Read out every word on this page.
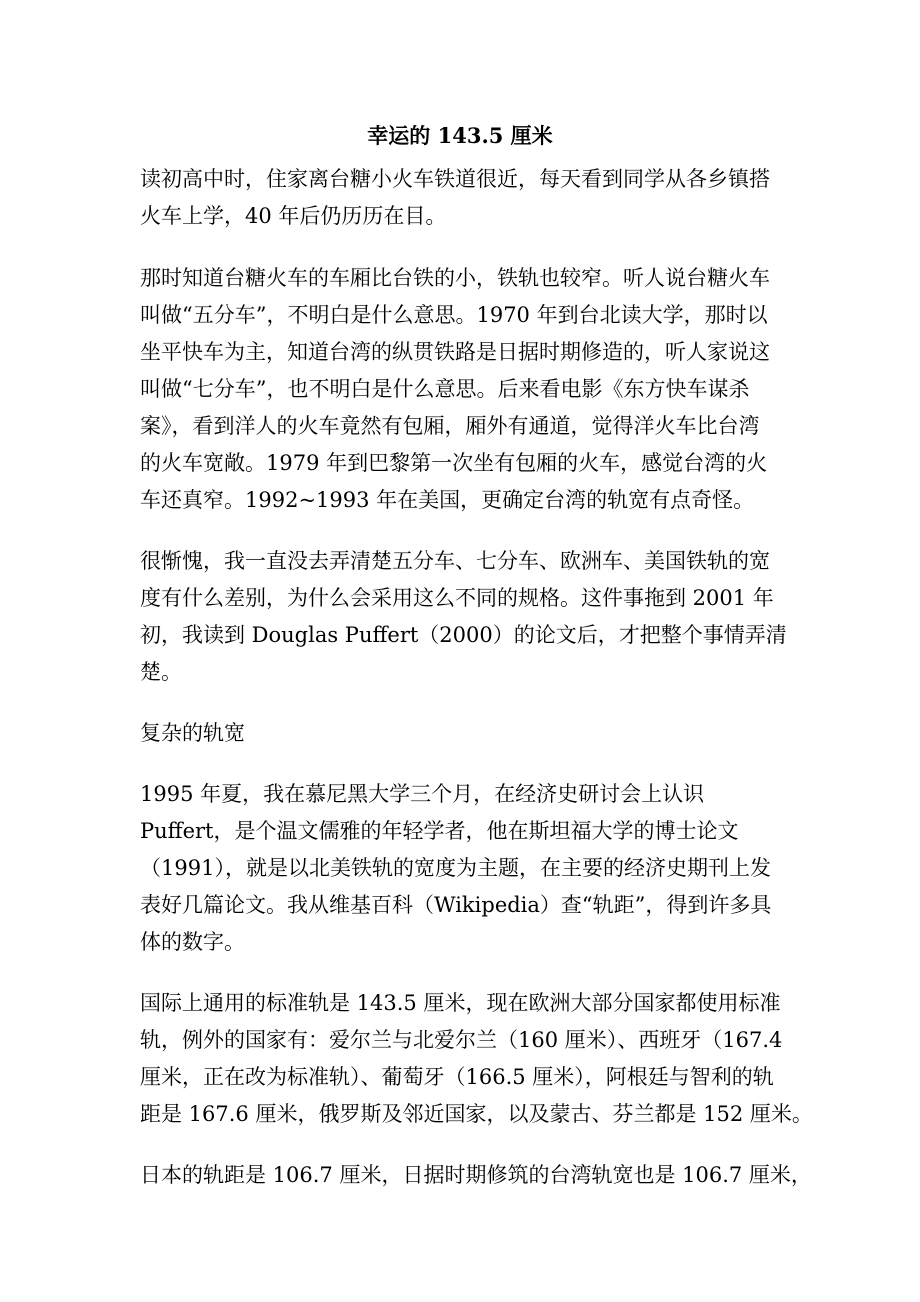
幸运的 143.5 厘米
读初高中时，住家离台糖小火车铁道很近，每天看到同学从各乡镇搭
火车上学，40 年后仍历历在目。
那时知道台糖火车的车厢比台铁的小，铁轨也较窄。听人说台糖火车
叫做“五分车”，不明白是什么意思。1970 年到台北读大学，那时以
坐平快车为主，知道台湾的纵贯铁路是日据时期修造的，听人家说这
叫做“七分车”，也不明白是什么意思。后来看电影《东方快车谋杀
案》，看到洋人的火车竟然有包厢，厢外有通道，觉得洋火车比台湾
的火车宽敞。1979 年到巴黎第一次坐有包厢的火车，感觉台湾的火
车还真窄。1992~1993 年在美国，更确定台湾的轨宽有点奇怪。
很惭愧，我一直没去弄清楚五分车、七分车、欧洲车、美国铁轨的宽
度有什么差别，为什么会采用这么不同的规格。这件事拖到 2001 年
初，我读到 Douglas Puffert（2000）的论文后，才把整个事情弄清
楚。
复杂的轨宽
1995 年夏，我在慕尼黑大学三个月，在经济史研讨会上认识
Puffert，是个温文儒雅的年轻学者，他在斯坦福大学的博士论文
（1991），就是以北美铁轨的宽度为主题，在主要的经济史期刊上发
表好几篇论文。我从维基百科（Wikipedia）查“轨距”，得到许多具
体的数字。
国际上通用的标准轨是 143.5 厘米，现在欧洲大部分国家都使用标准
轨，例外的国家有：爱尔兰与北爱尔兰（160 厘米）、西班牙（167.4
厘米，正在改为标准轨）、葡萄牙（166.5 厘米），阿根廷与智利的轨
距是 167.6 厘米，俄罗斯及邻近国家，以及蒙古、芬兰都是 152 厘米。
日本的轨距是 106.7 厘米，日据时期修筑的台湾轨宽也是 106.7 厘米，
